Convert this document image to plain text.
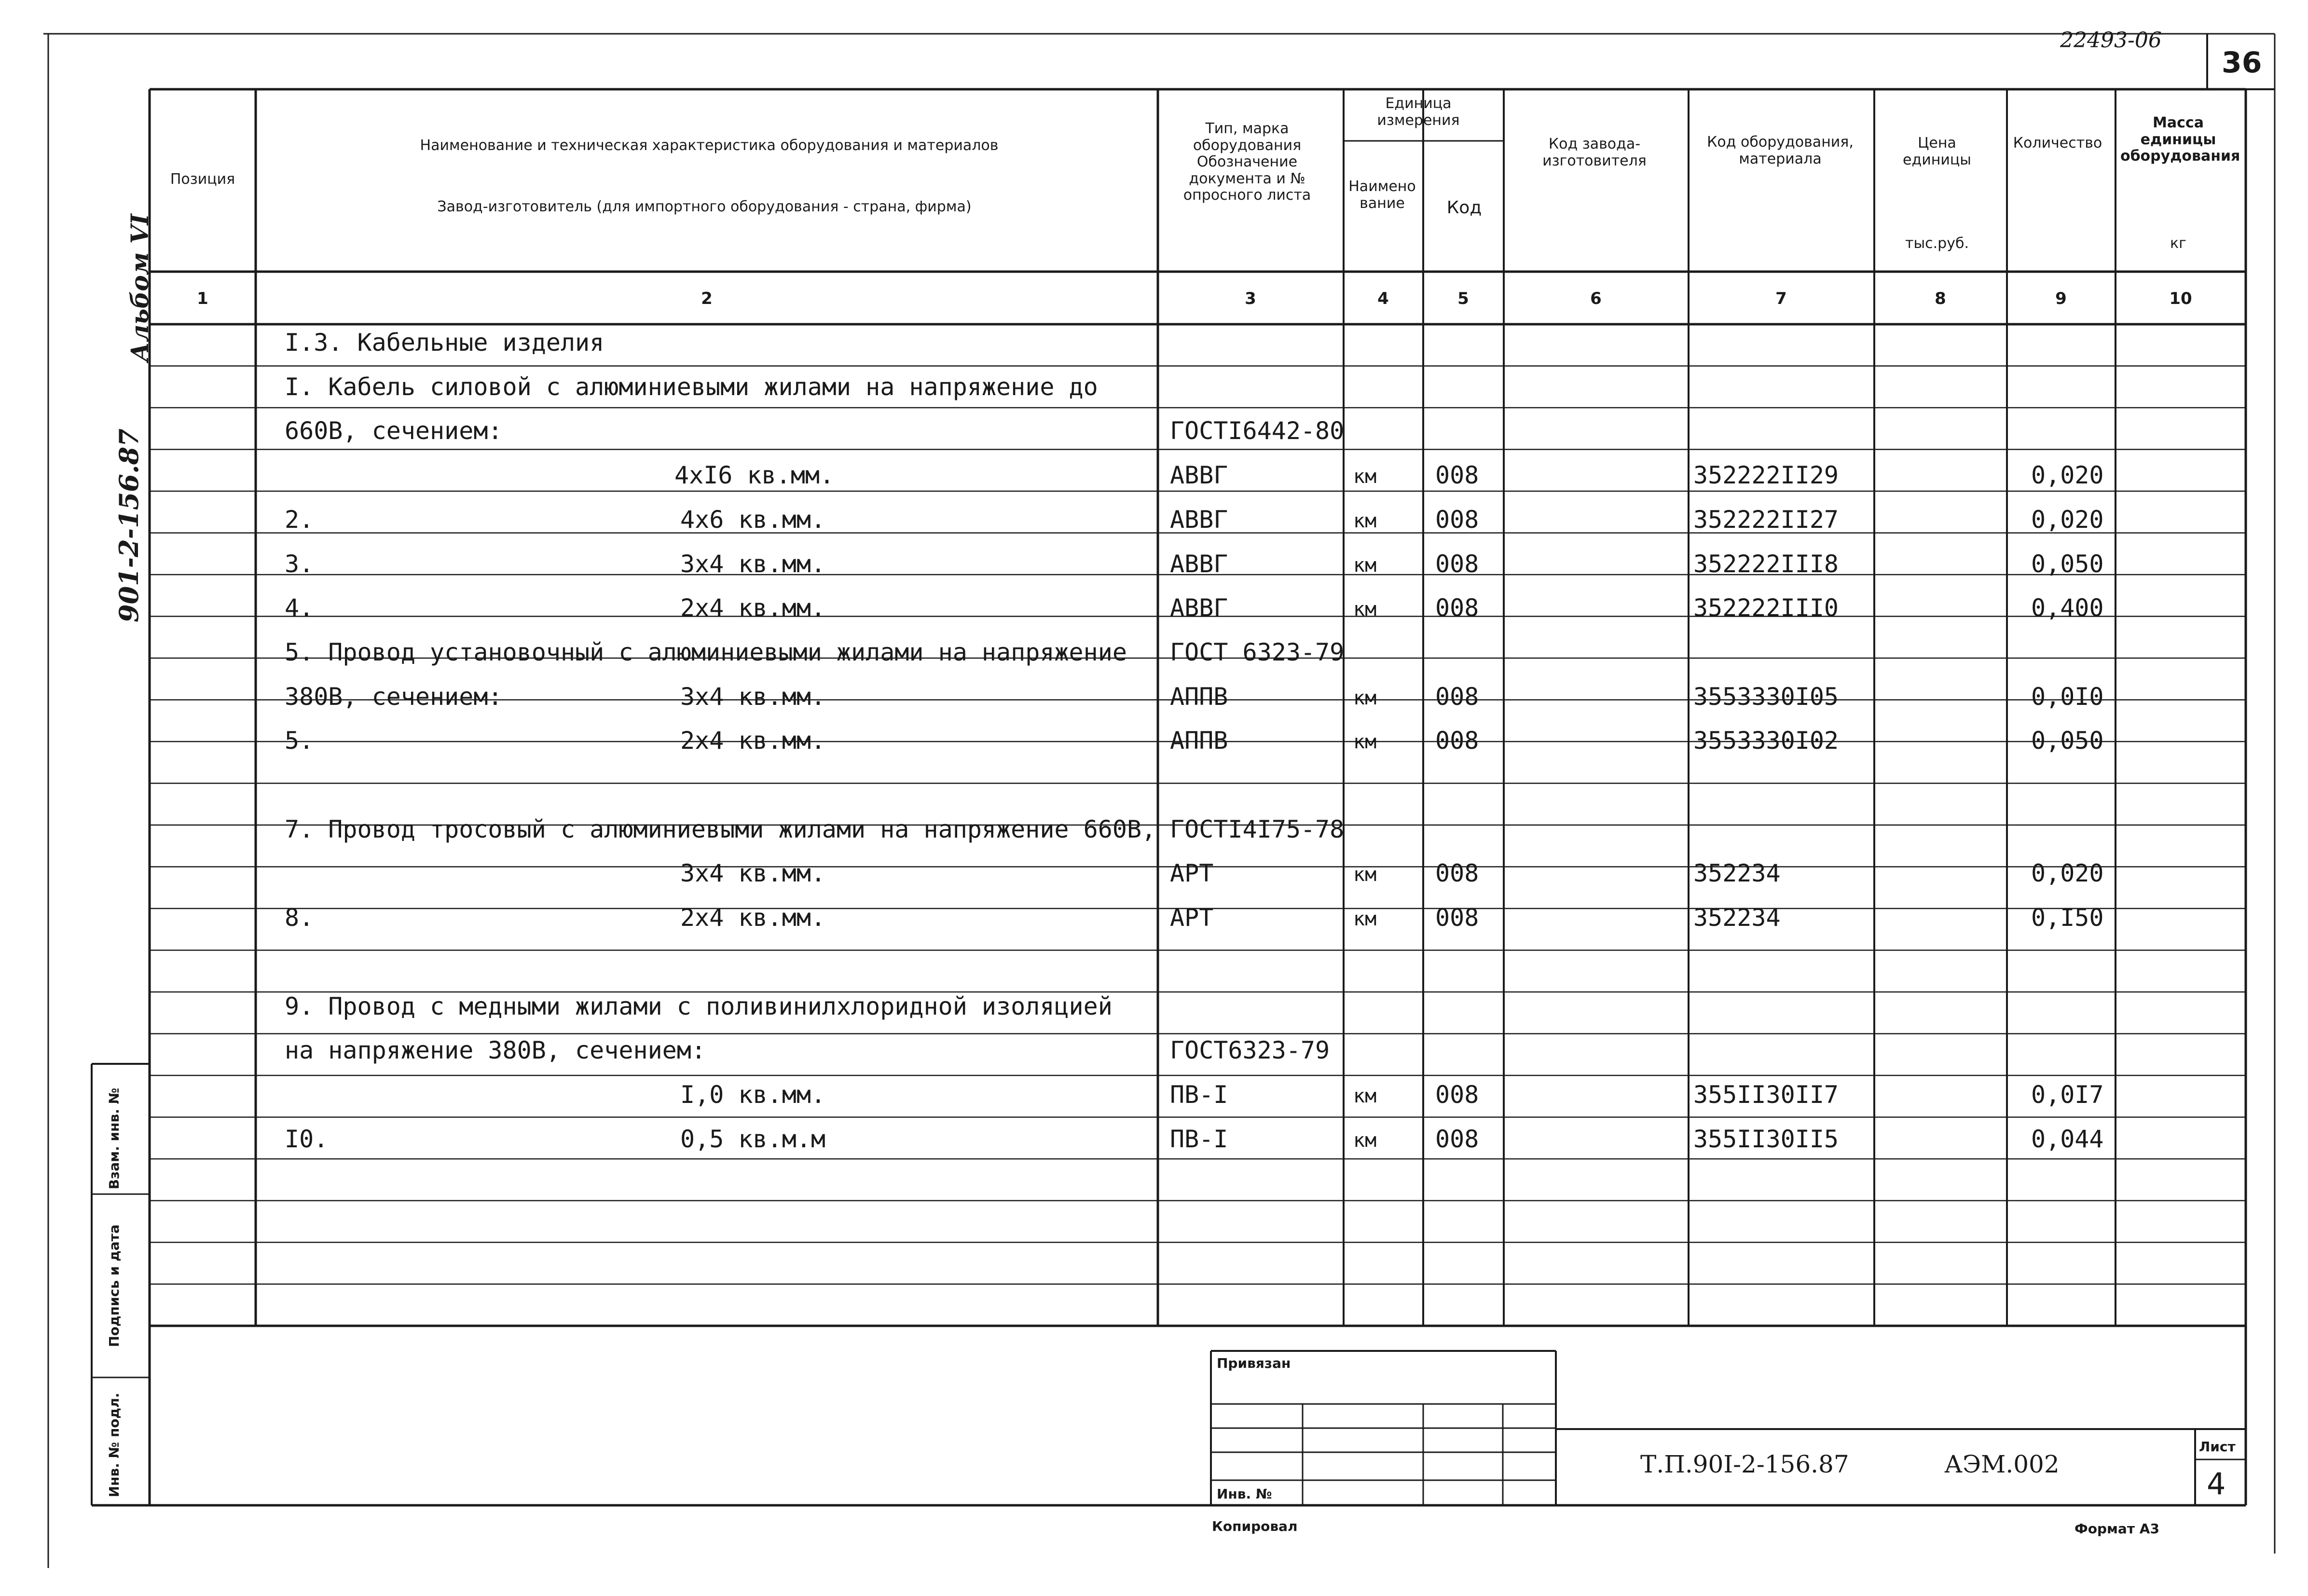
22493-06
36
Альбом VI
901-2-156.87
Взам. инв. №
Подпись и дата
Инв. № подл.
Позиция
Наименование и техническая характеристика оборудования и материалов
Завод-изготовитель (для импортного оборудования - страна, фирма)
Тип, марка оборудования Обозначение документа и № опросного листа
Единица измерения
Наименование	Код
Код завода-изготовителя
Код оборудования, материала
Цена единицы
тыс.руб.
Количество
Масса единицы оборудования
кг
1	2	3	4	5	6	7	8	9	10
I.3. Кабельные изделия
I. Кабель силовой с алюминиевыми жилами на напряжение до
660В, сечением:	ГОСТI6442-80
4xI6 кв.мм.	АВВГ	км 008	352222II29	0,020
2.	4x6 кв.мм.	АВВГ	км 008	352222II27	0,020
3.	3x4 кв.мм.	АВВГ	км 008	352222III8	0,050
4.	2x4 кв.мм.	АВВГ	км 008	352222III0	0,400
5. Провод установочный с алюминиевыми жилами на напряжение ГОСТ 6323-79
380В, сечением:	3x4 кв.мм.	АППВ	км 008	3553330I05	0,0I0
5.	2x4 кв.мм.	АППВ	км 008	3553330I02	0,050
7. Провод тросовый с алюминиевыми жилами на напряжение 660В, ГОСТI4I75-78
3x4 кв.мм.	АРТ	км 008	352234	0,020
8.	2x4 кв.мм.	АРТ	км 008	352234	0,I50
9. Провод с медными жилами с поливинилхлоридной изоляцией
на напряжение 380В, сечением:	ГОСТ6323-79
I,0 кв.мм.	ПВ-I	км 008	355II30II7	0,0I7
I0.	0,5 кв.м.м	ПВ-I	км 008	355II30II5	0,044
Привязан
Инв. №
Т.П.90I-2-156.87	АЭМ.002
Лист
4
Копировал	Формат А3
